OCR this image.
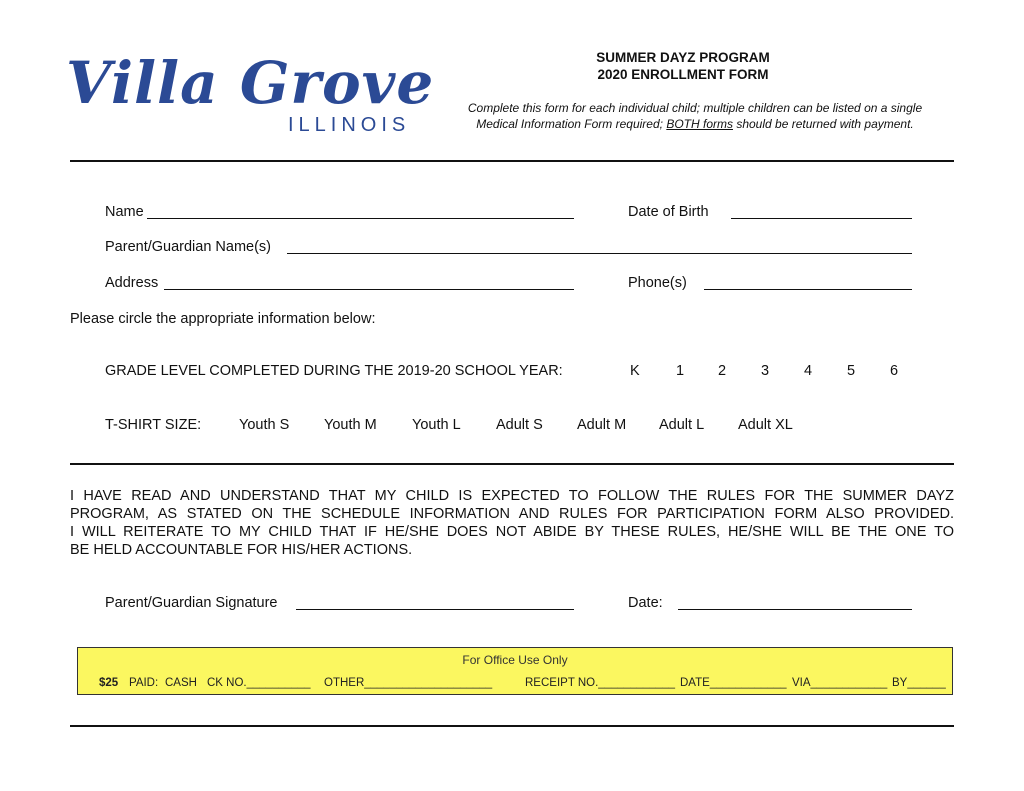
Villa Grove
ILLINOIS
SUMMER DAYZ PROGRAM
2020 ENROLLMENT FORM
Complete this form for each individual child; multiple children can be listed on a single
Medical Information Form required; BOTH forms should be returned with payment.
Name	Date of Birth
Parent/Guardian Name(s)
Address	Phone(s)
Please circle the appropriate information below:
GRADE LEVEL COMPLETED DURING THE 2019-20 SCHOOL YEAR:	K	1 2 3 4 5 6
T-SHIRT SIZE:	Youth S Youth M Youth L Adult S Adult M Adult L Adult XL
I HAVE READ AND UNDERSTAND THAT MY CHILD IS EXPECTED TO FOLLOW THE RULES FOR THE SUMMER DAYZ
PROGRAM, AS STATED ON THE SCHEDULE INFORMATION AND RULES FOR PARTICIPATION FORM ALSO PROVIDED.
I WILL REITERATE TO MY CHILD THAT IF HE/SHE DOES NOT ABIDE BY THESE RULES, HE/SHE WILL BE THE ONE TO
BE HELD ACCOUNTABLE FOR HIS/HER ACTIONS.
Parent/Guardian Signature	Date:
For Office Use Only
$25 PAID: CASH CK NO.__________ OTHER____________________	RECEIPT NO.____________ DATE____________ VIA____________ BY______
